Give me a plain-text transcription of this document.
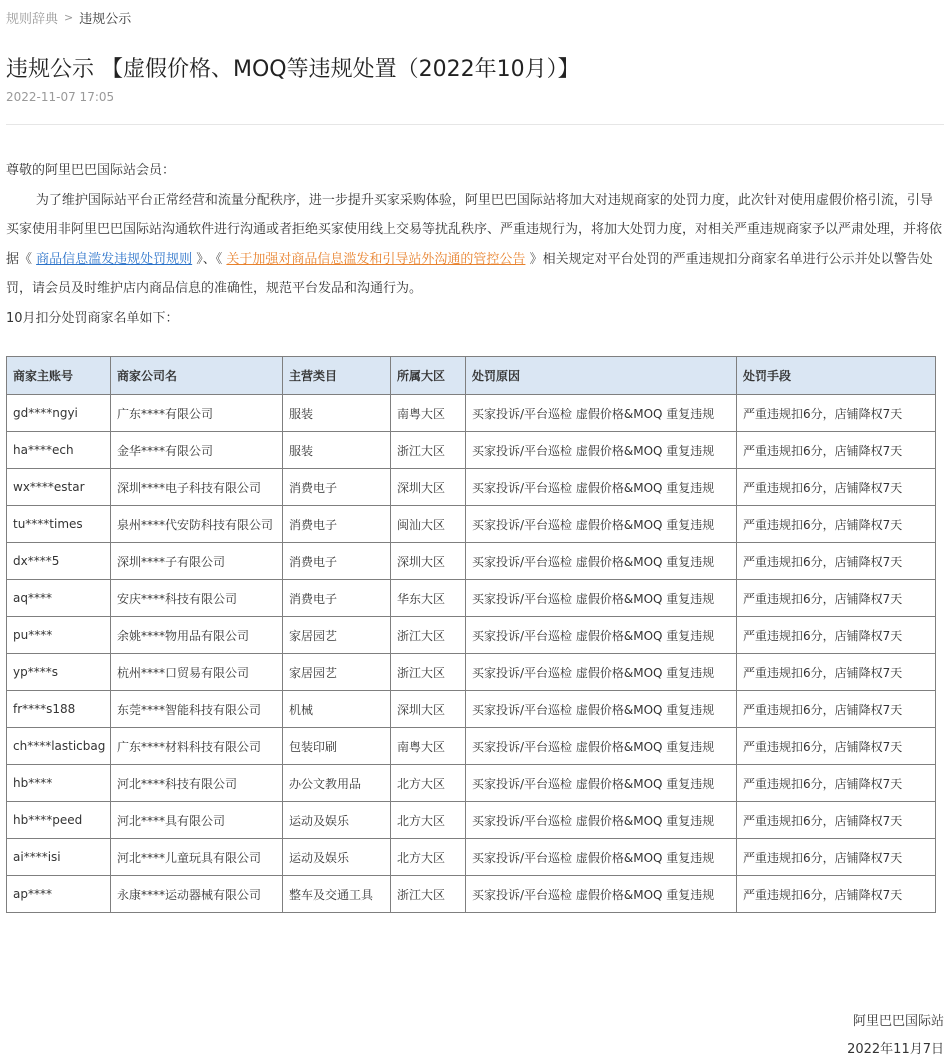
规则辞典 > 违规公示
违规公示 【虚假价格、MOQ等违规处置（2022年10月）】
2022-11-07 17:05

尊敬的阿里巴巴国际站会员：

为了维护国际站平台正常经营和流量分配秩序，进一步提升买家采购体验，阿里巴巴国际站将加大对违规商家的处罚力度，此次针对使用虚假价格引流，引导买家使用非阿里巴巴国际站沟通软件进行沟通或者拒绝买家使用线上交易等扰乱秩序、严重违规行为，将加大处罚力度，对相关严重违规商家予以严肃处理，并将依据《 商品信息滥发违规处罚规则 》、《 关于加强对商品信息滥发和引导站外沟通的管控公告 》相关规定对平台处罚的严重违规扣分商家名单进行公示并处以警告处罚，请会员及时维护店内商品信息的准确性，规范平台发品和沟通行为。

10月扣分处罚商家名单如下：

商家主账号	商家公司名	主营类目	所属大区	处罚原因	处罚手段
gd****ngyi	广东****有限公司	服装	南粤大区	买家投诉/平台巡检 虚假价格&MOQ 重复违规	严重违规扣6分，店铺降权7天
ha****ech	金华****有限公司	服装	浙江大区	买家投诉/平台巡检 虚假价格&MOQ 重复违规	严重违规扣6分，店铺降权7天
wx****estar	深圳****电子科技有限公司	消费电子	深圳大区	买家投诉/平台巡检 虚假价格&MOQ 重复违规	严重违规扣6分，店铺降权7天
tu****times	泉州****代安防科技有限公司	消费电子	闽汕大区	买家投诉/平台巡检 虚假价格&MOQ 重复违规	严重违规扣6分，店铺降权7天
dx****5	深圳****子有限公司	消费电子	深圳大区	买家投诉/平台巡检 虚假价格&MOQ 重复违规	严重违规扣6分，店铺降权7天
aq****	安庆****科技有限公司	消费电子	华东大区	买家投诉/平台巡检 虚假价格&MOQ 重复违规	严重违规扣6分，店铺降权7天
pu****	余姚****物用品有限公司	家居园艺	浙江大区	买家投诉/平台巡检 虚假价格&MOQ 重复违规	严重违规扣6分，店铺降权7天
yp****s	杭州****口贸易有限公司	家居园艺	浙江大区	买家投诉/平台巡检 虚假价格&MOQ 重复违规	严重违规扣6分，店铺降权7天
fr****s188	东莞****智能科技有限公司	机械	深圳大区	买家投诉/平台巡检 虚假价格&MOQ 重复违规	严重违规扣6分，店铺降权7天
ch****lasticbag	广东****材料科技有限公司	包装印刷	南粤大区	买家投诉/平台巡检 虚假价格&MOQ 重复违规	严重违规扣6分，店铺降权7天
hb****	河北****科技有限公司	办公文教用品	北方大区	买家投诉/平台巡检 虚假价格&MOQ 重复违规	严重违规扣6分，店铺降权7天
hb****peed	河北****具有限公司	运动及娱乐	北方大区	买家投诉/平台巡检 虚假价格&MOQ 重复违规	严重违规扣6分，店铺降权7天
ai****isi	河北****儿童玩具有限公司	运动及娱乐	北方大区	买家投诉/平台巡检 虚假价格&MOQ 重复违规	严重违规扣6分，店铺降权7天
ap****	永康****运动器械有限公司	整车及交通工具	浙江大区	买家投诉/平台巡检 虚假价格&MOQ 重复违规	严重违规扣6分，店铺降权7天
阿里巴巴国际站
2022年11月7日
